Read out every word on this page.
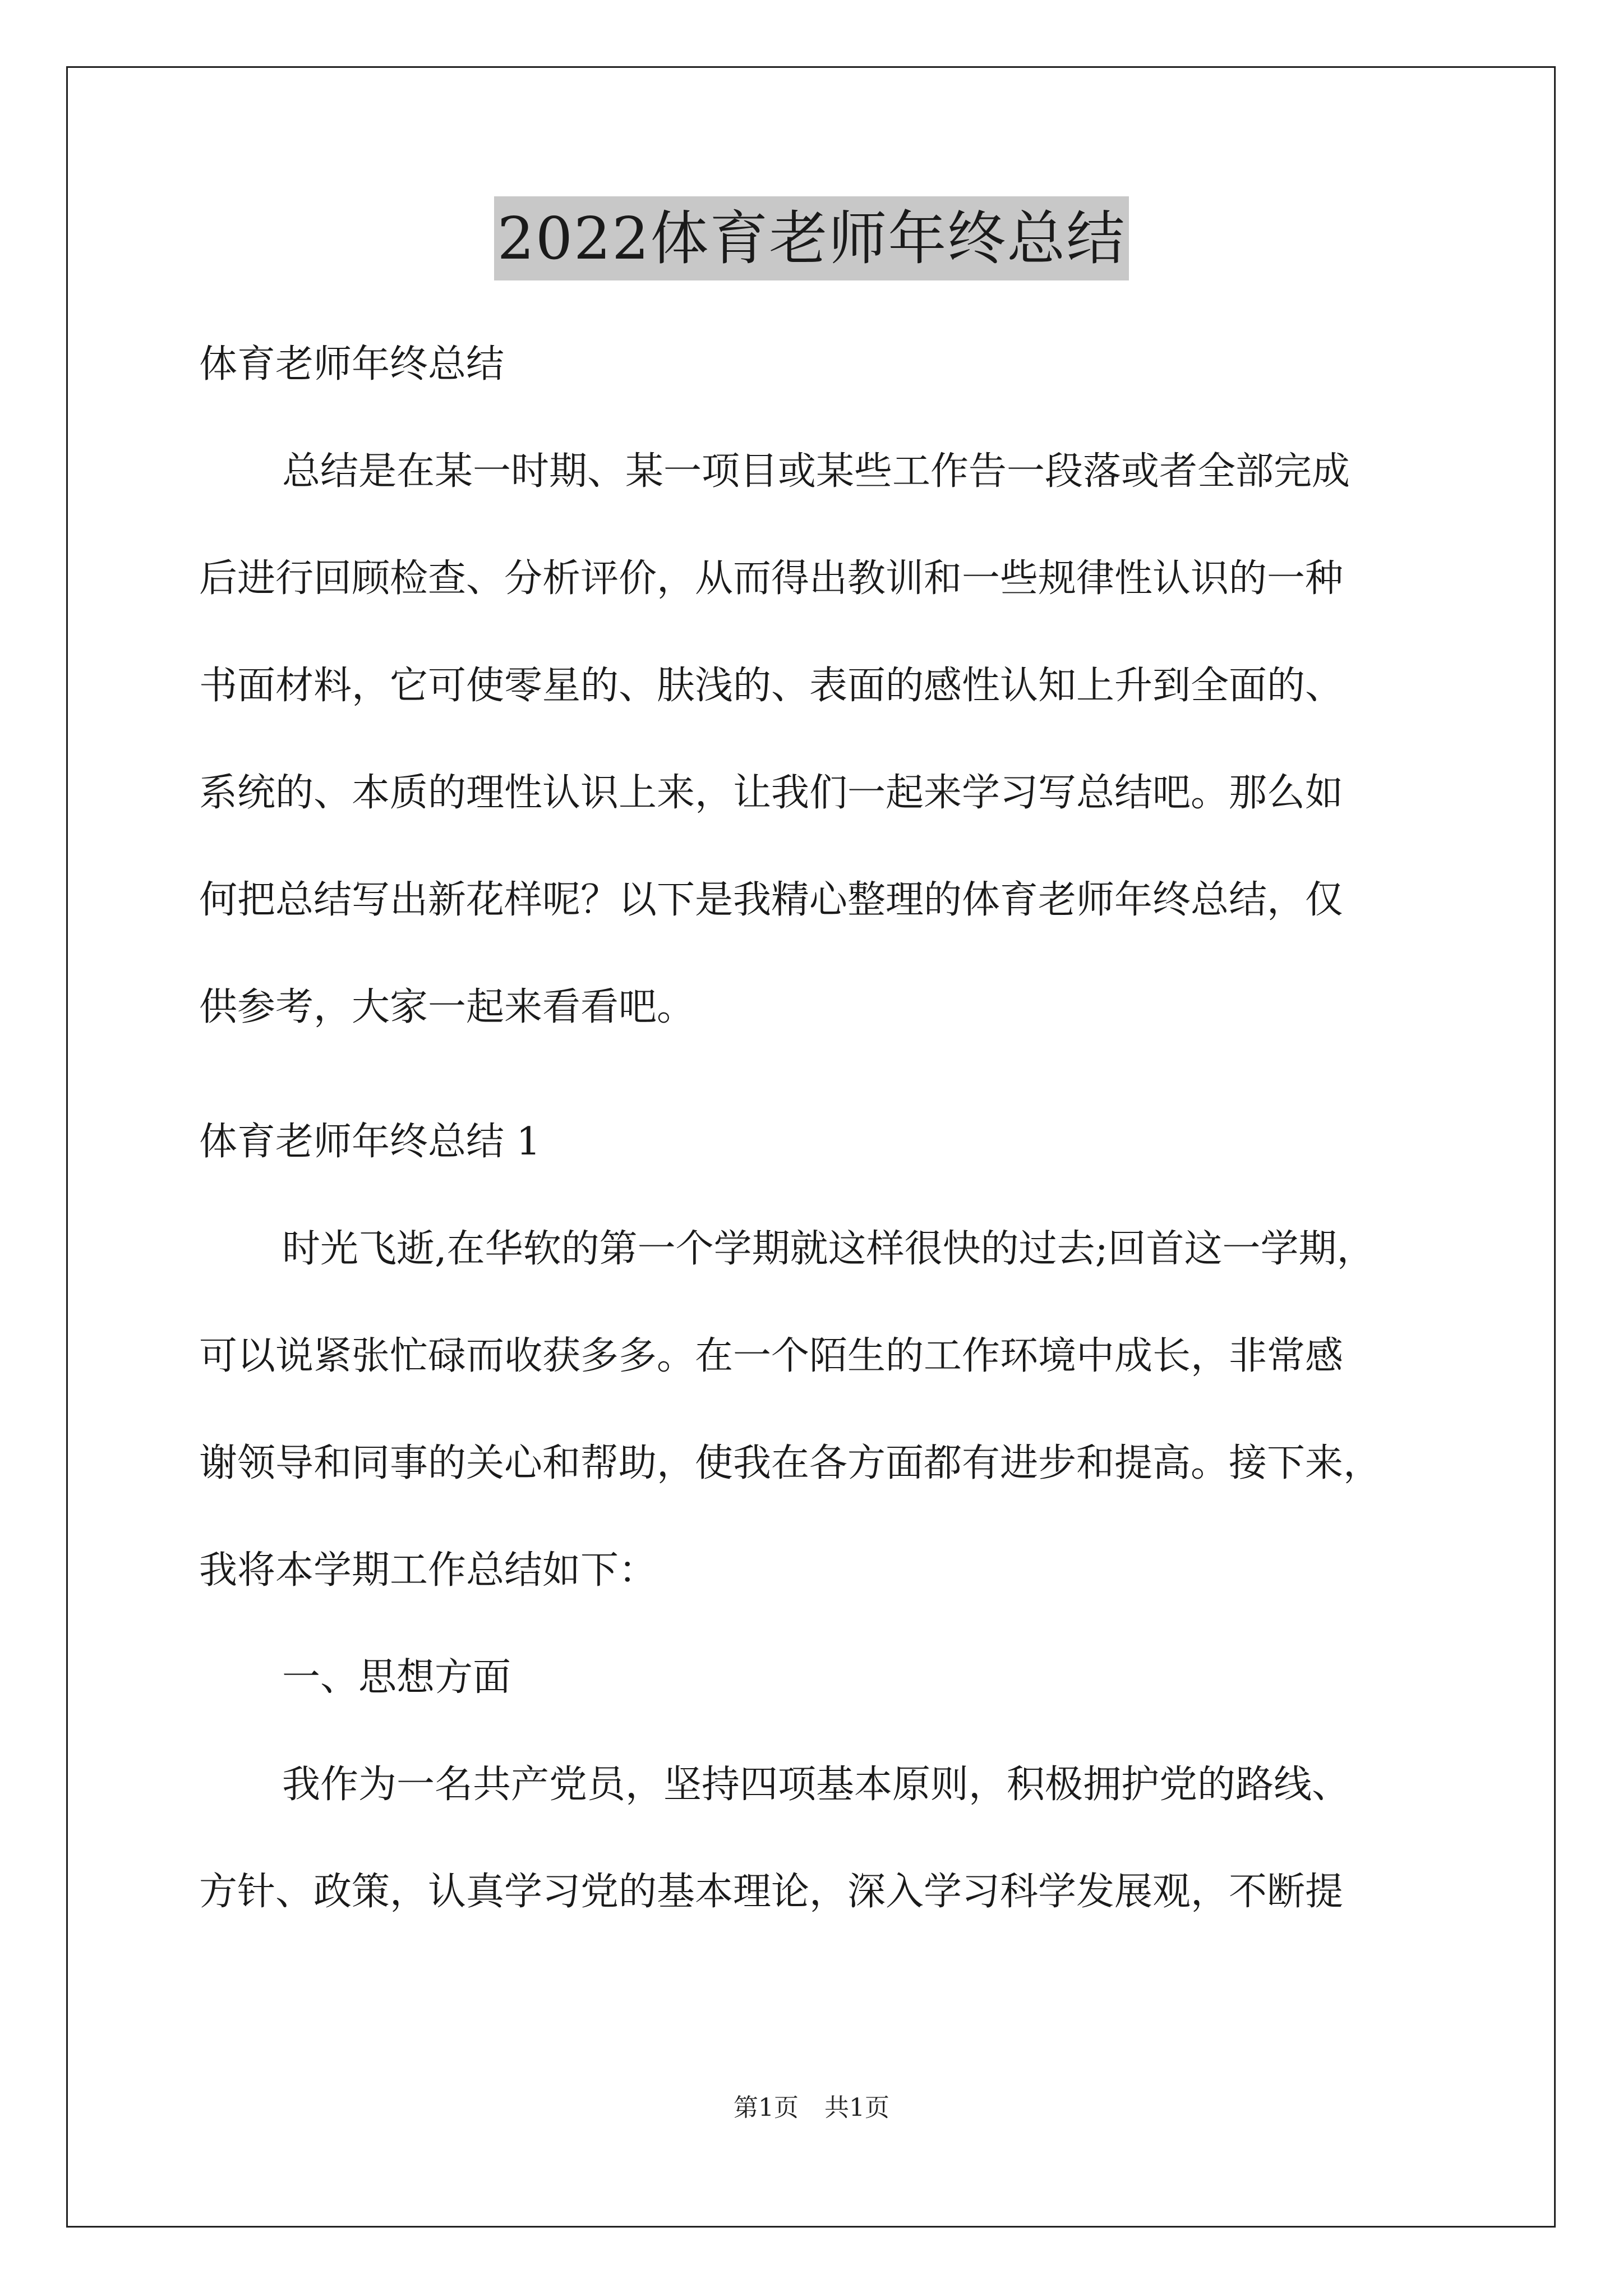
2022体育老师年终总结
体育老师年终总结
总结是在某一时期、某一项目或某些工作告一段落或者全部完成
后进行回顾检查、分析评价，从而得出教训和一些规律性认识的一种
书面材料，它可使零星的、肤浅的、表面的感性认知上升到全面的、
系统的、本质的理性认识上来，让我们一起来学习写总结吧。那么如
何把总结写出新花样呢？以下是我精心整理的体育老师年终总结，仅
供参考，大家一起来看看吧。
体育老师年终总结 1
时光飞逝,在华软的第一个学期就这样很快的过去;回首这一学期，
可以说紧张忙碌而收获多多。在一个陌生的工作环境中成长，非常感
谢领导和同事的关心和帮助，使我在各方面都有进步和提高。接下来，
我将本学期工作总结如下：
一、思想方面
我作为一名共产党员，坚持四项基本原则，积极拥护党的路线、
方针、政策，认真学习党的基本理论，深入学习科学发展观，不断提
第1页 共1页
